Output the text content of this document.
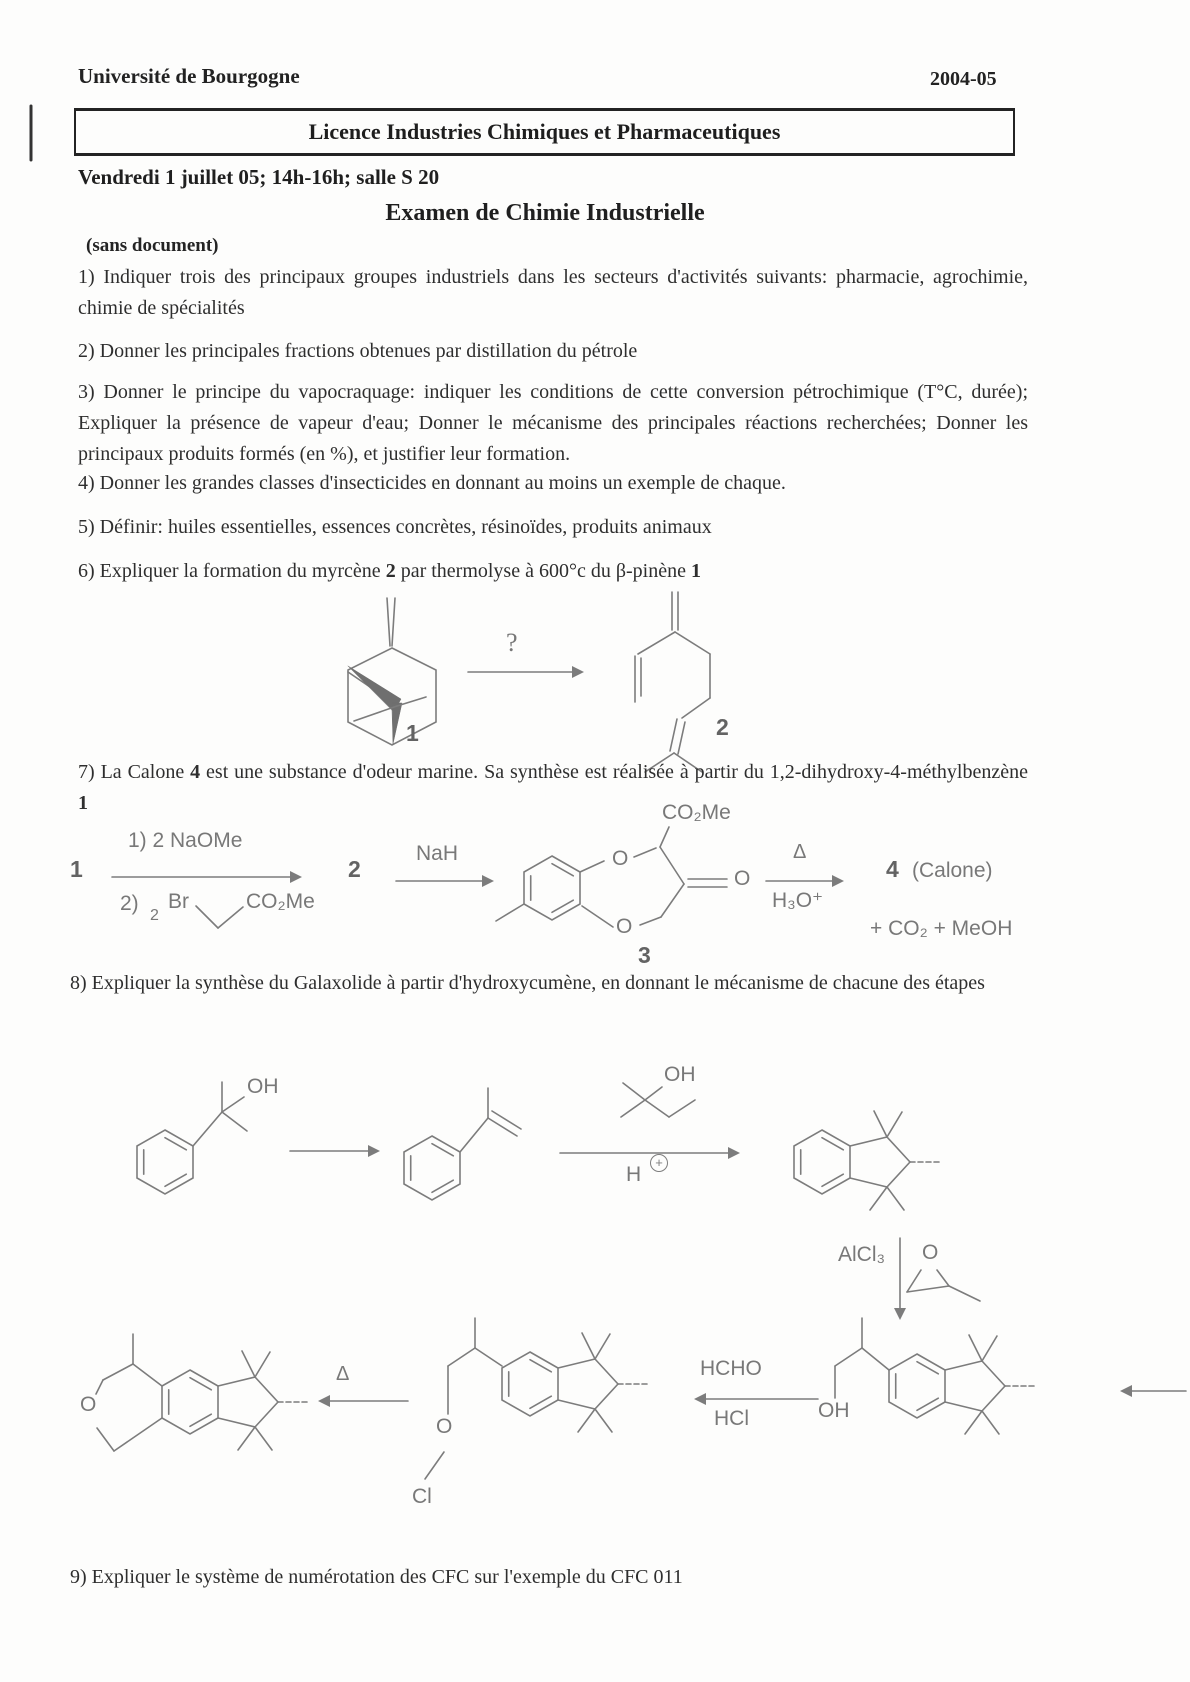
Université de Bourgogne	2004-05
Licence Industries Chimiques et Pharmaceutiques
Vendredi 1 juillet 05; 14h-16h; salle S 20
Examen de Chimie Industrielle
(sans document)
1) Indiquer trois des principaux groupes industriels dans les secteurs d'activités suivants: pharmacie, agrochimie, chimie de spécialités
2) Donner les principales fractions obtenues par distillation du pétrole
3) Donner le principe du vapocraquage: indiquer les conditions de cette conversion pétrochimique (T°C, durée); Expliquer la présence de vapeur d'eau; Donner le mécanisme des principales réactions recherchées; Donner les principaux produits formés (en %), et justifier leur formation.
4) Donner les grandes classes d'insecticides en donnant au moins un exemple de chaque.
5) Définir: huiles essentielles, essences concrètes, résinoïdes, produits animaux
6) Expliquer la formation du myrcène 2 par thermolyse à 600°c du β-pinène 1
7) La Calone 4 est une substance d'odeur marine. Sa synthèse est réalisée à partir du 1,2-dihydroxy-4-méthylbenzène 1
8) Expliquer la synthèse du Galaxolide à partir d'hydroxycumène, en donnant le mécanisme de chacune des étapes
9) Expliquer le système de numérotation des CFC sur l'exemple du CFC 011
?
1	2
1
1) 2 NaOMe
2)
2
Br	CO₂Me
2
NaH
CO₂Me
O
O
O
3
Δ
H₃O⁺
4 (Calone)
+ CO₂ + MeOH
OH
OH
H
+
AlCl₃ O
OH
HCHO
HCl
O
Cl
Δ
O
